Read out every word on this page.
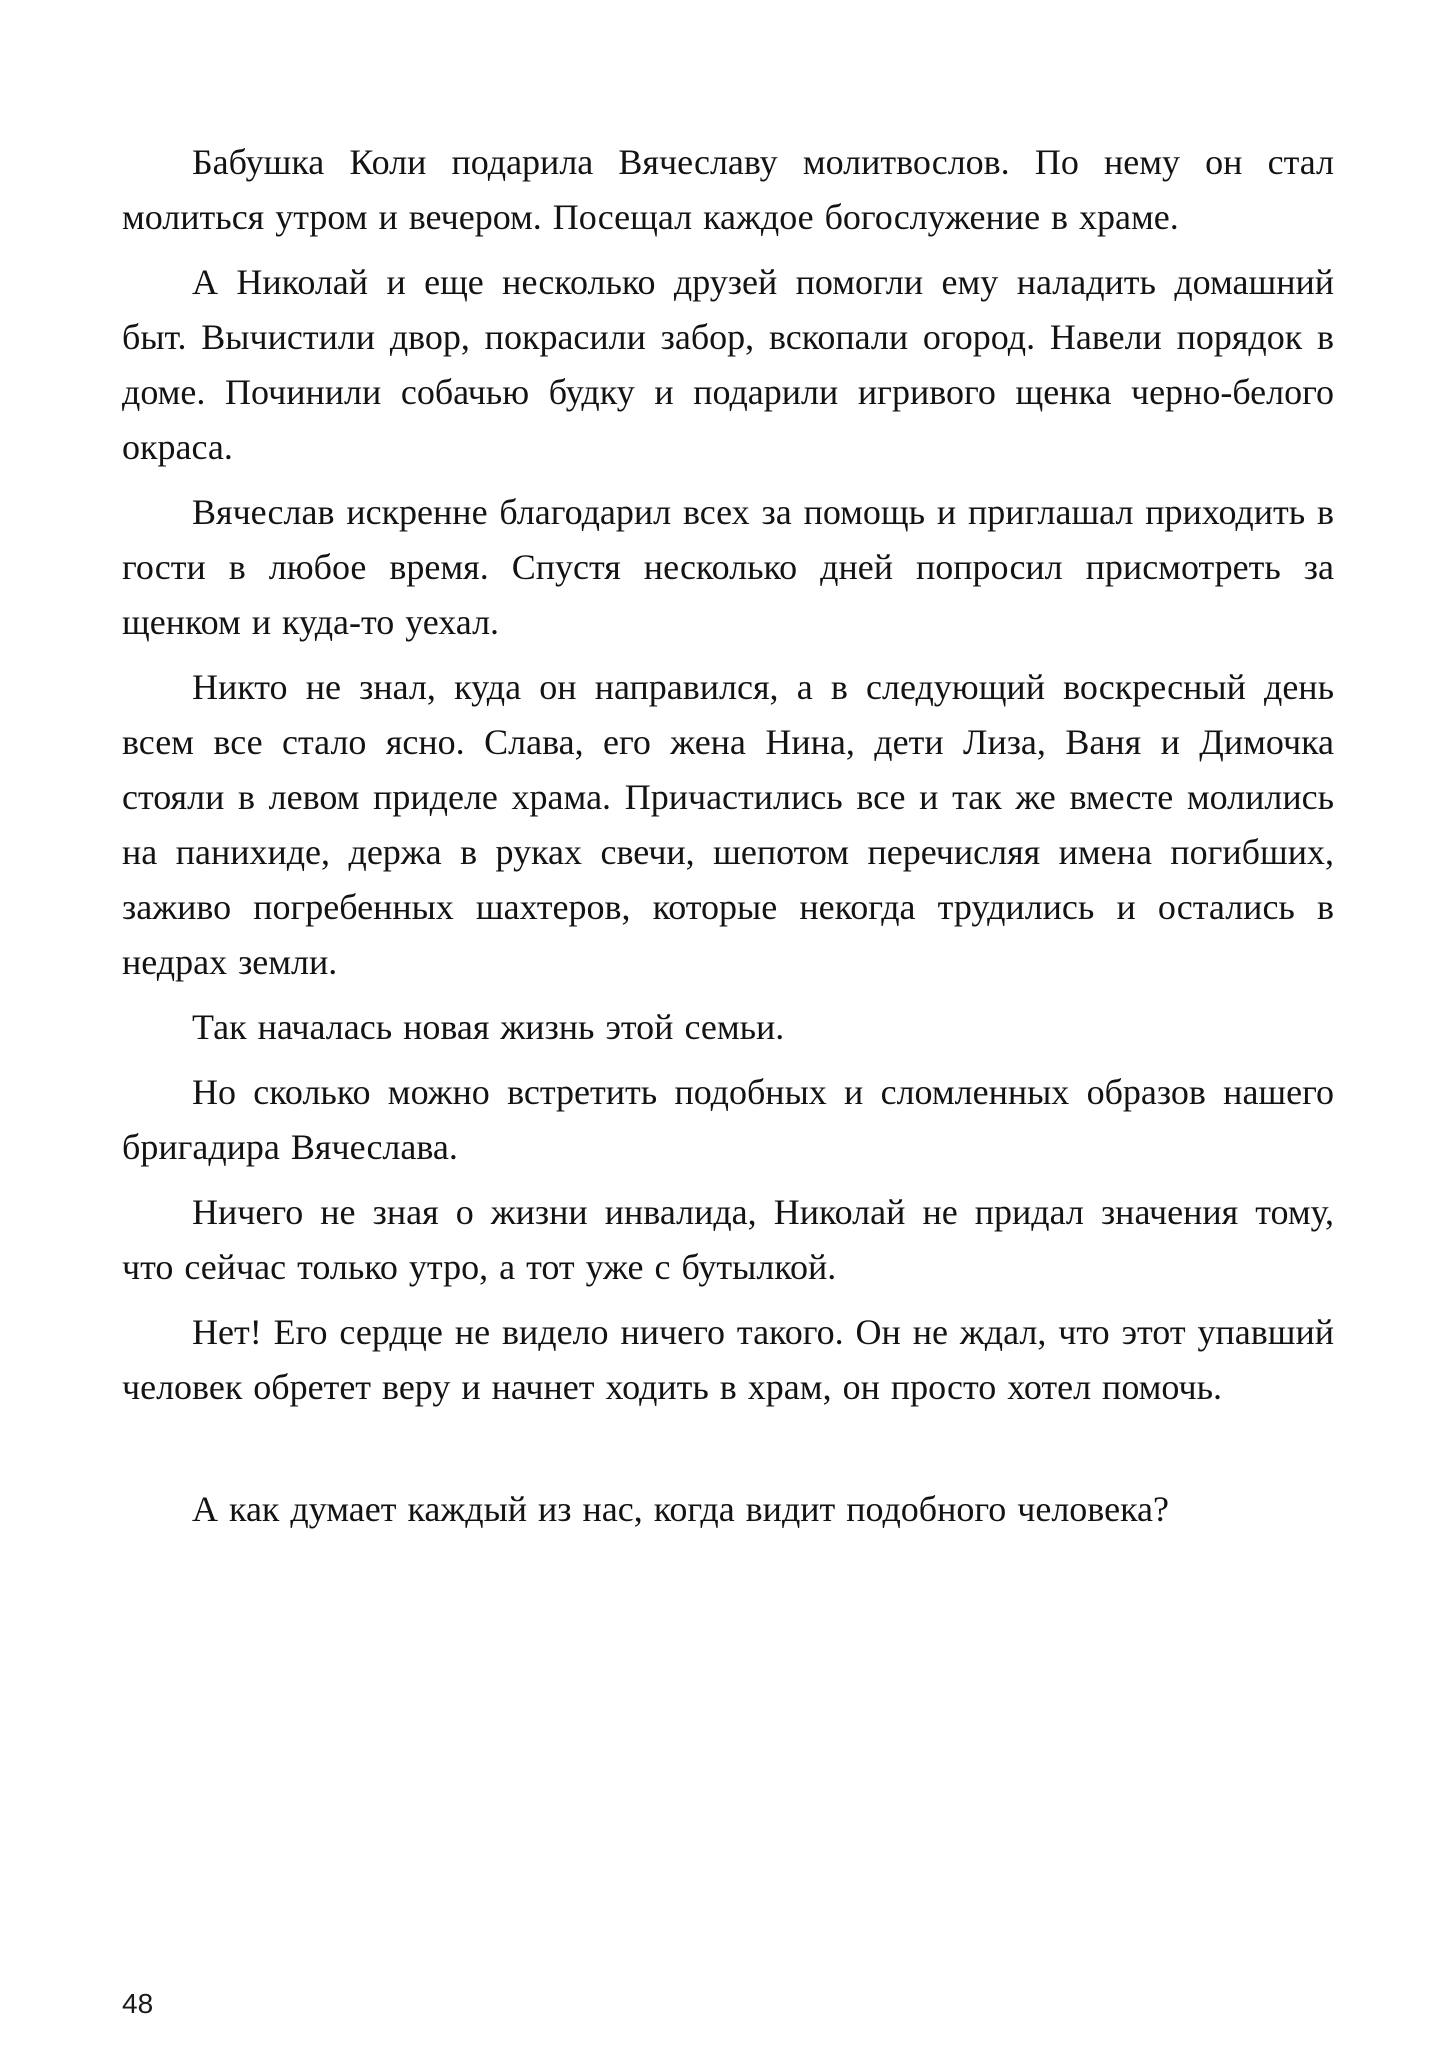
Бабушка Коли подарила Вячеславу молитвослов. По нему он стал молиться утром и вечером. Посещал каждое богослужение в храме.

А Николай и еще несколько друзей помогли ему наладить домашний быт. Вычистили двор, покрасили забор, вскопали огород. Навели порядок в доме. Починили собачью будку и подарили игривого щенка черно-белого окраса.

Вячеслав искренне благодарил всех за помощь и приглашал приходить в гости в любое время. Спустя несколько дней попросил присмотреть за щенком и куда-то уехал.

Никто не знал, куда он направился, а в следующий воскресный день всем все стало ясно. Слава, его жена Нина, дети Лиза, Ваня и Димочка стояли в левом приделе храма. Причастились все и так же вместе молились на панихиде, держа в руках свечи, шепотом перечисляя имена погибших, заживо погребенных шахтеров, которые некогда трудились и остались в недрах земли.

Так началась новая жизнь этой семьи.

Но сколько можно встретить подобных и сломленных образов нашего бригадира Вячеслава.

Ничего не зная о жизни инвалида, Николай не придал значения тому, что сейчас только утро, а тот уже с бутылкой.

Нет! Его сердце не видело ничего такого. Он не ждал, что этот упавший человек обретет веру и начнет ходить в храм, он просто хотел помочь.

А как думает каждый из нас, когда видит подобного человека?

48
